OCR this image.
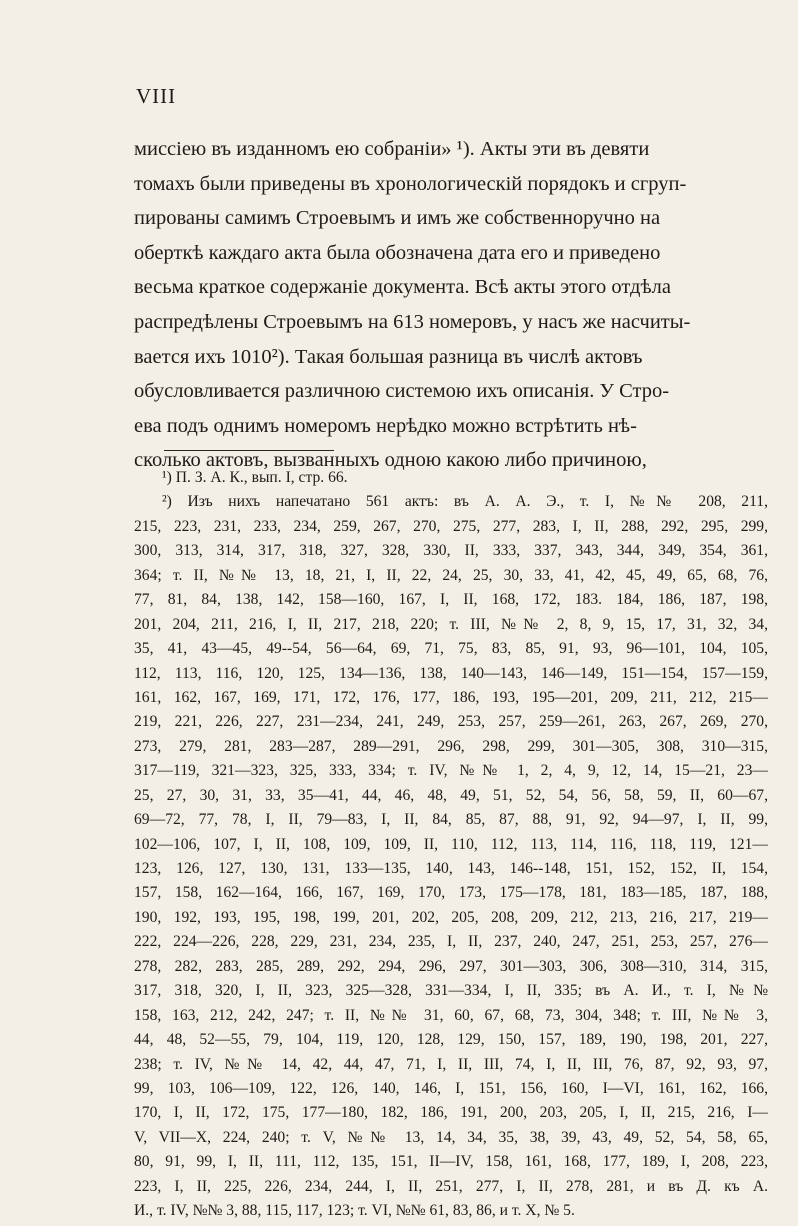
VIII
миссiею въ изданномъ ею собранiи» ¹). Акты эти въ девяти
томахъ были приведены въ хронологическiй порядокъ и сгруп-
пированы самимъ Строевымъ и имъ же собственноручно на
оберткѣ каждаго акта была обозначена дата его и приведено
весьма краткое содержанiе документа. Всѣ акты этого отдѣла
распредѣлены Строевымъ на 613 номеровъ, у насъ же насчиты-
вается ихъ 1010²). Такая большая разница въ числѣ актовъ
обусловливается различною системою ихъ описанiя. У Стро-
ева подъ однимъ номеромъ нерѣдко можно встрѣтить нѣ-
сколько актовъ, вызванныхъ одною какою либо причиною,
¹) П. З. А. К., вып. I, стр. 66.
²) Изъ нихъ напечатано 561 актъ: въ А. А. Э., т. I, №№ 208, 211,
215, 223, 231, 233, 234, 259, 267, 270, 275, 277, 283, I, II, 288, 292, 295, 299,
300, 313, 314, 317, 318, 327, 328, 330, II, 333, 337, 343, 344, 349, 354, 361,
364; т. II, №№ 13, 18, 21, I, II, 22, 24, 25, 30, 33, 41, 42, 45, 49, 65, 68, 76,
77, 81, 84, 138, 142, 158—160, 167, I, II, 168, 172, 183. 184, 186, 187, 198,
201, 204, 211, 216, I, II, 217, 218, 220; т. III, №№ 2, 8, 9, 15, 17, 31, 32, 34,
35, 41, 43—45, 49--54, 56—64, 69, 71, 75, 83, 85, 91, 93, 96—101, 104, 105,
112, 113, 116, 120, 125, 134—136, 138, 140—143, 146—149, 151—154, 157—159,
161, 162, 167, 169, 171, 172, 176, 177, 186, 193, 195—201, 209, 211, 212, 215—
219, 221, 226, 227, 231—234, 241, 249, 253, 257, 259—261, 263, 267, 269, 270,
273, 279, 281, 283—287, 289—291, 296, 298, 299, 301—305, 308, 310—315,
317—119, 321—323, 325, 333, 334; т. IV, №№ 1, 2, 4, 9, 12, 14, 15—21, 23—
25, 27, 30, 31, 33, 35—41, 44, 46, 48, 49, 51, 52, 54, 56, 58, 59, II, 60—67,
69—72, 77, 78, I, II, 79—83, I, II, 84, 85, 87, 88, 91, 92, 94—97, I, II, 99,
102—106, 107, I, II, 108, 109, 109, II, 110, 112, 113, 114, 116, 118, 119, 121—
123, 126, 127, 130, 131, 133—135, 140, 143, 146--148, 151, 152, 152, II, 154,
157, 158, 162—164, 166, 167, 169, 170, 173, 175—178, 181, 183—185, 187, 188,
190, 192, 193, 195, 198, 199, 201, 202, 205, 208, 209, 212, 213, 216, 217, 219—
222, 224—226, 228, 229, 231, 234, 235, I, II, 237, 240, 247, 251, 253, 257, 276—
278, 282, 283, 285, 289, 292, 294, 296, 297, 301—303, 306, 308—310, 314, 315,
317, 318, 320, I, II, 323, 325—328, 331—334, I, II, 335; въ А. И., т. I, №№
158, 163, 212, 242, 247; т. II, №№ 31, 60, 67, 68, 73, 304, 348; т. III, №№ 3,
44, 48, 52—55, 79, 104, 119, 120, 128, 129, 150, 157, 189, 190, 198, 201, 227,
238; т. IV, №№ 14, 42, 44, 47, 71, I, II, III, 74, I, II, III, 76, 87, 92, 93, 97,
99, 103, 106—109, 122, 126, 140, 146, I, 151, 156, 160, I—VI, 161, 162, 166,
170, I, II, 172, 175, 177—180, 182, 186, 191, 200, 203, 205, I, II, 215, 216, I—
V, VII—X, 224, 240; т. V, №№ 13, 14, 34, 35, 38, 39, 43, 49, 52, 54, 58, 65,
80, 91, 99, I, II, 111, 112, 135, 151, II—IV, 158, 161, 168, 177, 189, I, 208, 223,
223, I, II, 225, 226, 234, 244, I, II, 251, 277, I, II, 278, 281, и въ Д. къ А.
И., т. IV, №№ 3, 88, 115, 117, 123; т. VI, №№ 61, 83, 86, и т. X, № 5.
